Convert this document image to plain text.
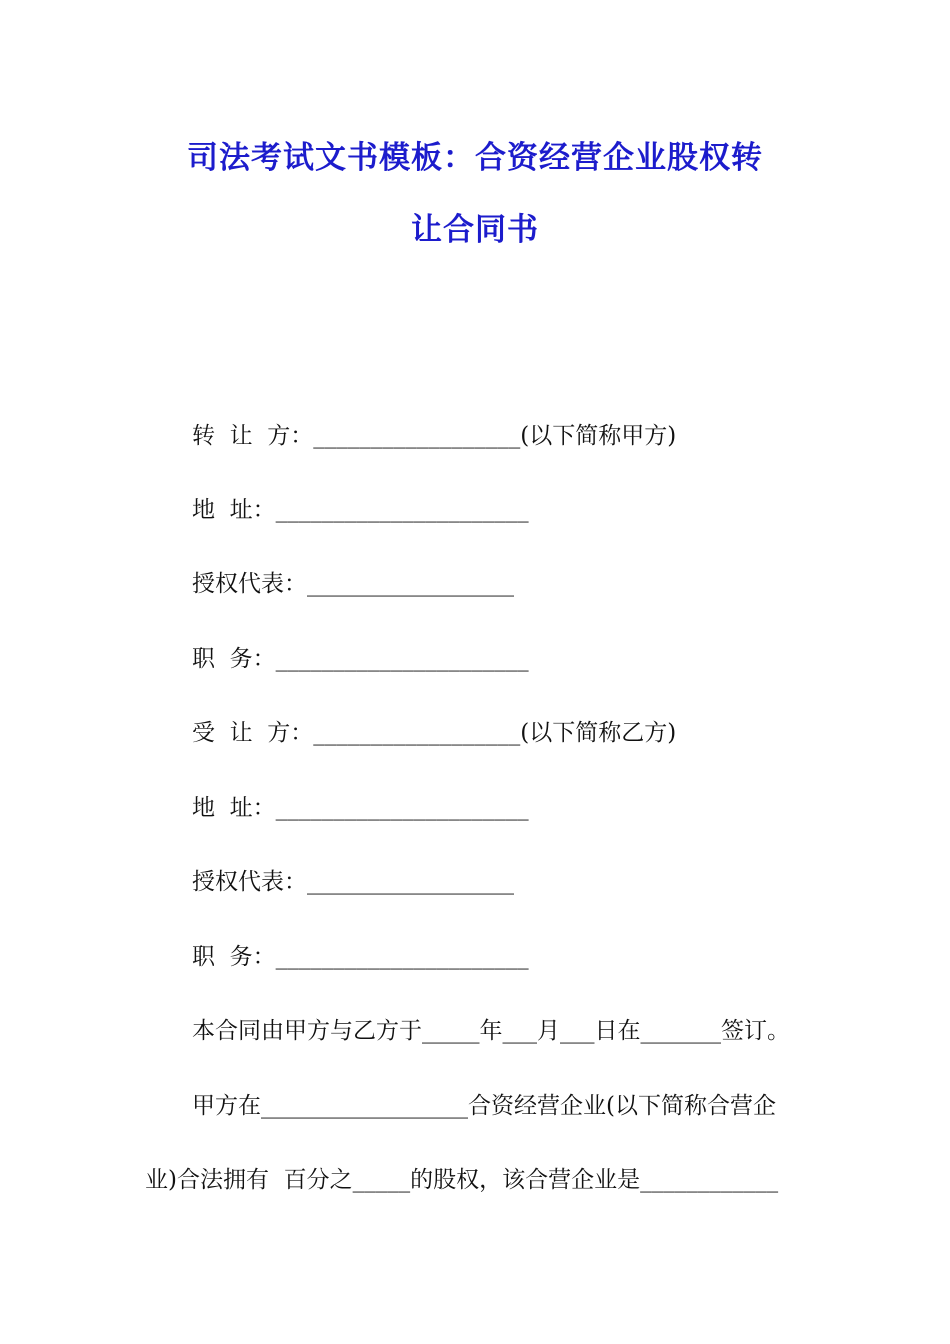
司法考试文书模板：合资经营企业股权转
让合同书
转  让  方：__________________(以下简称甲方)
地  址：______________________
授权代表：__________________
职  务：______________________
受  让  方：__________________(以下简称乙方)
地  址：______________________
授权代表：__________________
职  务：______________________
本合同由甲方与乙方于_____年___月___日在_______签订。
甲方在__________________合资经营企业(以下简称合营企
业)合法拥有  百分之_____的股权，该合营企业是____________
